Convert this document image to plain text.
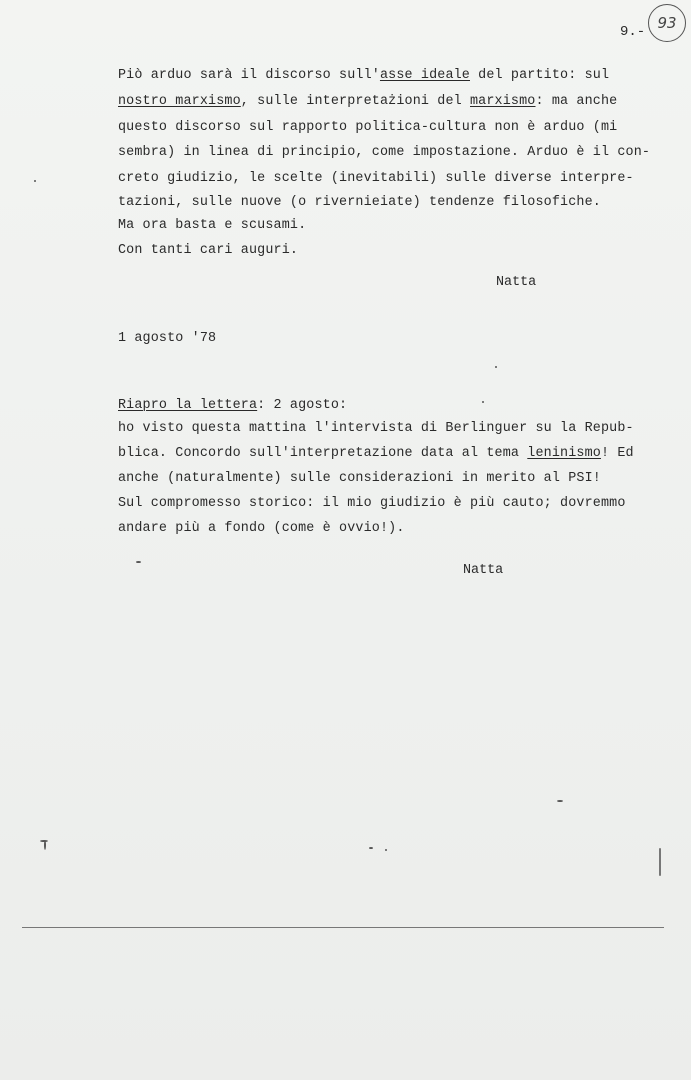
9.- 93
Piò arduo sarà il discorso sull'asse ideale del partito: sul
nostro marxismo, sulle interpretażioni del marxismo: ma anche
questo discorso sul rapporto politica-cultura non è arduo (mi
sembra) in linea di principio, come impostazione. Arduo è il con-
creto giudizio, le scelte (inevitabili) sulle diverse interpre-
tazioni, sulle nuove (o rivernieiate) tendenze filosofiche.
Ma ora basta e scusami.
Con tanti cari auguri.
Natta
1 agosto '78
Riapro la lettera: 2 agosto:
ho visto questa mattina l'intervista di Berlinguer su la Repub-
blica. Concordo sull'interpretazione data al tema leninismo! Ed
anche (naturalmente) sulle considerazioni in merito al PSI!
Sul compromesso storico: il mio giudizio è più cauto; dovremmo
andare più a fondo (come è ovvio!).
Natta
